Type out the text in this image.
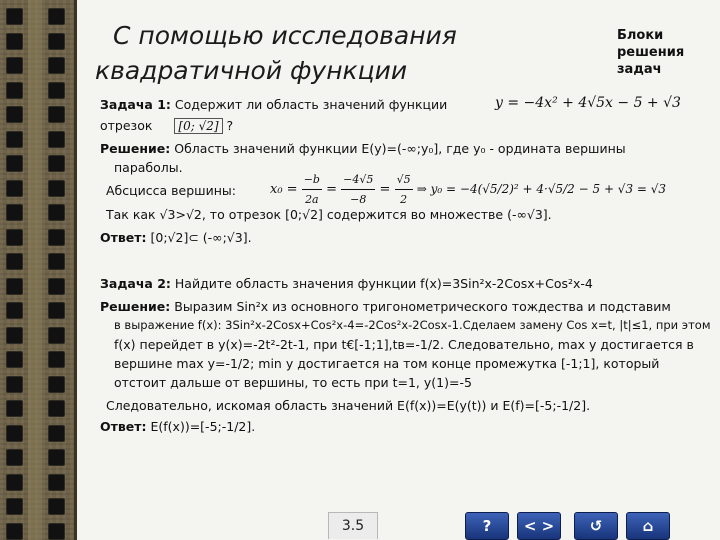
С помощью исследования
квадратичной функции
Блоки
решения
задач
Задача 1: Содержит ли область значений функции	y = −4x² + 4√5x − 5 + √3
отрезок [0; √2] ?
Решение: Область значений функции E(y)=(-∞;y₀], где y₀ - ордината вершины
параболы.
Абсцисса вершины:	$x_0 = \frac{-b}{2a} = \frac{-4√5}{-8} = \frac{√5}{2}$ ⇒ y₀ = −4(√5/2)² + 4·√5/2 − 5 + √3 = √3
Так как √3>√2, то отрезок [0;√2] содержится во множестве (-∞√3].
Ответ: [0;√2]⊂ (-∞;√3].
Задача 2: Найдите область значения функции f(x)=3Sin²x-2Cosx+Cos²x-4
Решение: Выразим Sin²x из основного тригонометрического тождества и подставим
в выражение f(x): 3Sin²x-2Cosx+Cos²x-4=-2Cos²x-2Cosx-1.Сделаем замену Cos x=t, |t|≤1, при этом
f(x) перейдет в y(x)=-2t²-2t-1, при t€[-1;1],tв=-1/2. Следовательно, max y достигается в
вершине max y=-1/2; min y достигается на том конце промежутка [-1;1], который
отстоит дальше от вершины, то есть при t=1, y(1)=-5
Следовательно, искомая область значений E(f(x))=E(y(t)) и E(f)=[-5;-1/2].
Ответ: E(f(x))=[-5;-1/2].
3.5	?	< >	↺	⌂
